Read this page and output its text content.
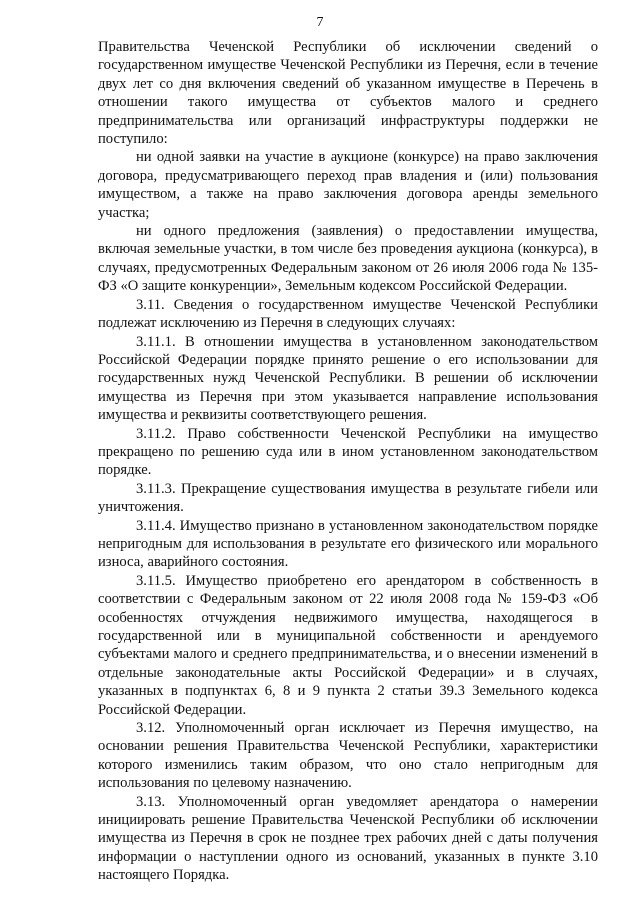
7

Правительства Чеченской Республики об исключении сведений о государственном имуществе Чеченской Республики из Перечня, если в течение двух лет со дня включения сведений об указанном имуществе в Перечень в отношении такого имущества от субъектов малого и среднего предпринимательства или организаций инфраструктуры поддержки не поступило:

ни одной заявки на участие в аукционе (конкурсе) на право заключения договора, предусматривающего переход прав владения и (или) пользования имуществом, а также на право заключения договора аренды земельного участка;

ни одного предложения (заявления) о предоставлении имущества, включая земельные участки, в том числе без проведения аукциона (конкурса), в случаях, предусмотренных Федеральным законом от 26 июля 2006 года № 135-ФЗ «О защите конкуренции», Земельным кодексом Российской Федерации.

3.11. Сведения о государственном имуществе Чеченской Республики подлежат исключению из Перечня в следующих случаях:

3.11.1. В отношении имущества в установленном законодательством Российской Федерации порядке принято решение о его использовании для государственных нужд Чеченской Республики. В решении об исключении имущества из Перечня при этом указывается направление использования имущества и реквизиты соответствующего решения.

3.11.2. Право собственности Чеченской Республики на имущество прекращено по решению суда или в ином установленном законодательством порядке.

3.11.3. Прекращение существования имущества в результате гибели или уничтожения.

3.11.4. Имущество признано в установленном законодательством порядке непригодным для использования в результате его физического или морального износа, аварийного состояния.

3.11.5. Имущество приобретено его арендатором в собственность в соответствии с Федеральным законом от 22 июля 2008 года № 159-ФЗ «Об особенностях отчуждения недвижимого имущества, находящегося в государственной или в муниципальной собственности и арендуемого субъектами малого и среднего предпринимательства, и о внесении изменений в отдельные законодательные акты Российской Федерации» и в случаях, указанных в подпунктах 6, 8 и 9 пункта 2 статьи 39.3 Земельного кодекса Российской Федерации.

3.12. Уполномоченный орган исключает из Перечня имущество, на основании решения Правительства Чеченской Республики, характеристики которого изменились таким образом, что оно стало непригодным для использования по целевому назначению.

3.13. Уполномоченный орган уведомляет арендатора о намерении инициировать решение Правительства Чеченской Республики об исключении имущества из Перечня в срок не позднее трех рабочих дней с даты получения информации о наступлении одного из оснований, указанных в пункте 3.10 настоящего Порядка.
